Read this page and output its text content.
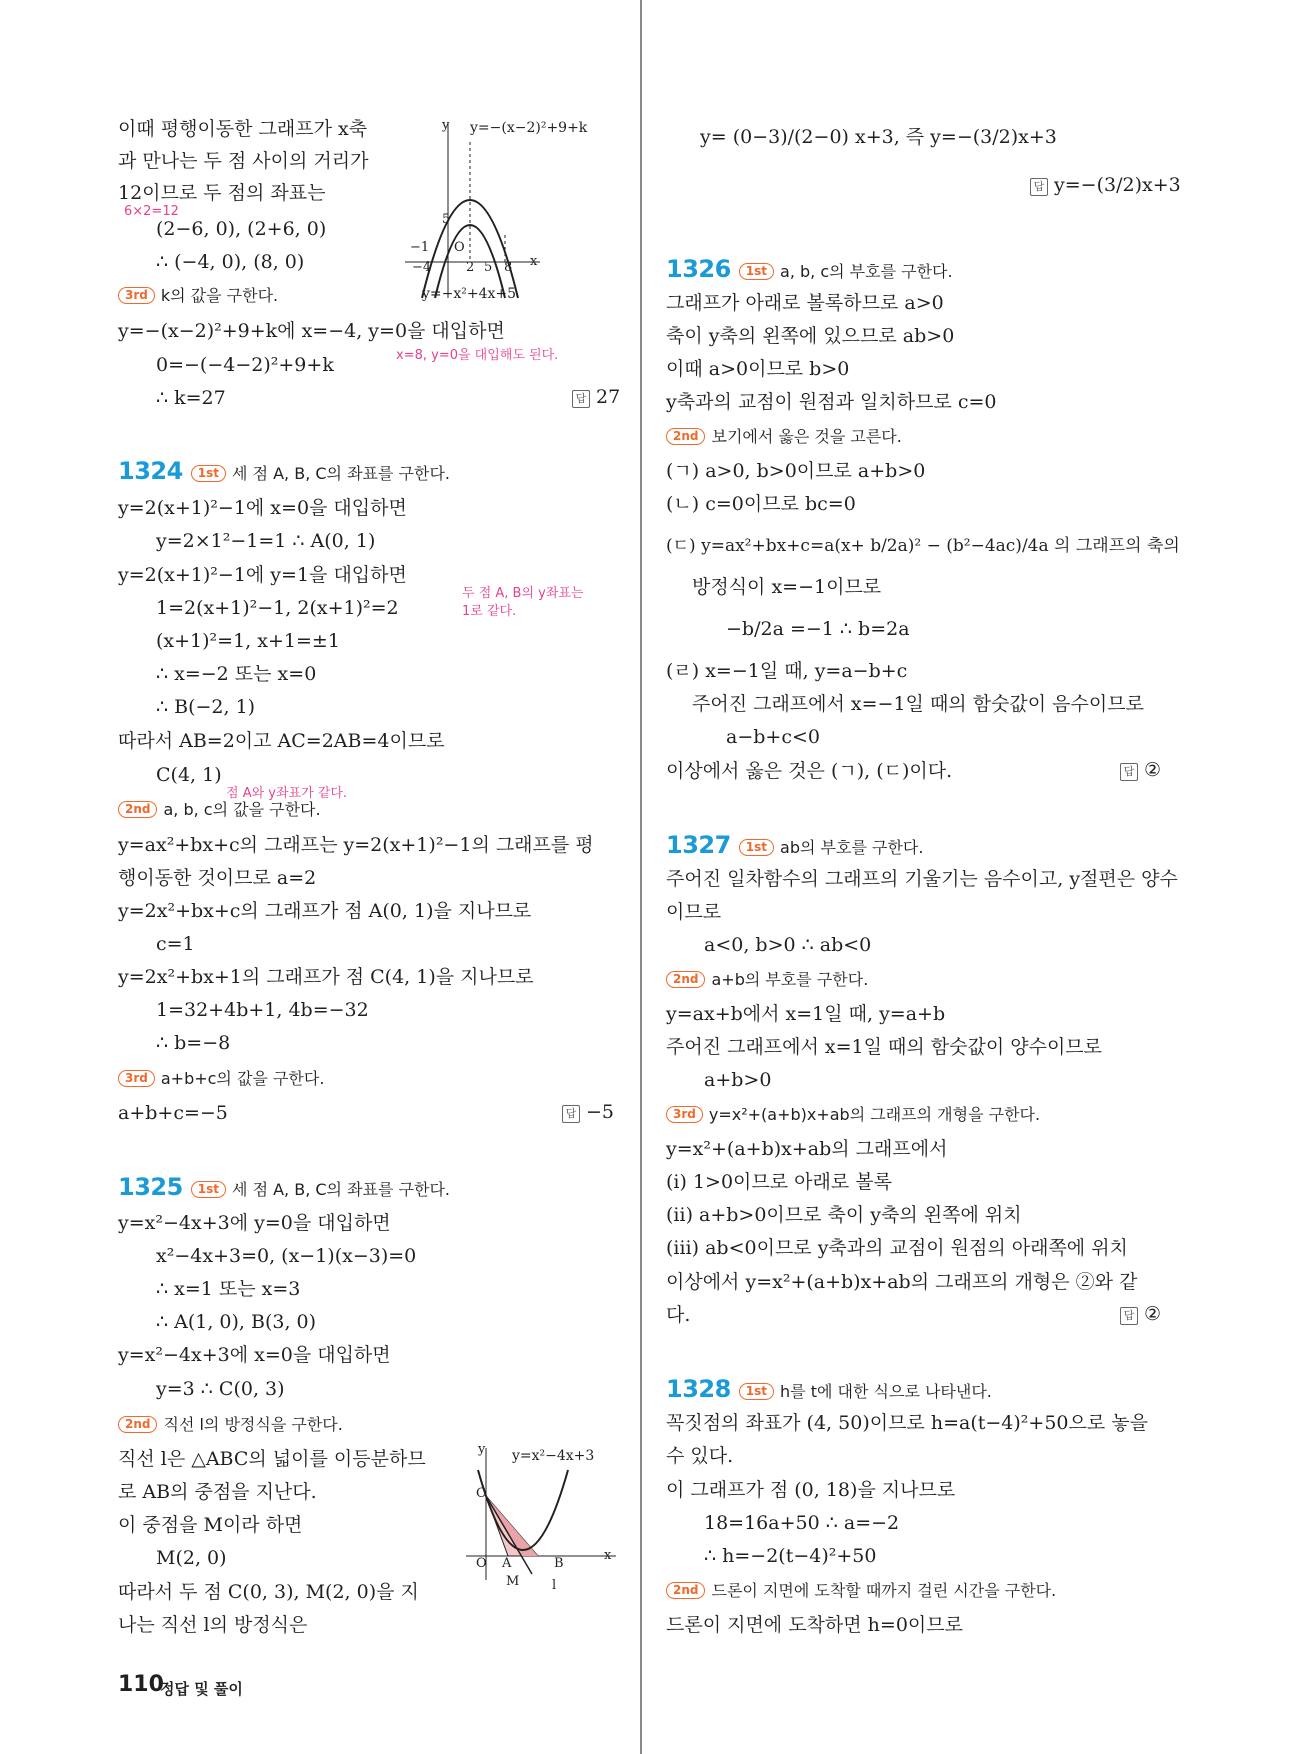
이때 평행이동한 그래프가 x축
과 만나는 두 점 사이의 거리가
12이므로 두 점의 좌표는
6×2=12
(2−6, 0), (2+6, 0)
∴ (−4, 0), (8, 0)
y=−(x−2)²+9+k
y=−x²+4x+5
y
x
O
5
−1
−4	2 5 8
3rd k의 값을 구한다.
y=−(x−2)²+9+k에 x=−4, y=0을 대입하면
x=8, y=0을 대입해도 된다.
0=−(−4−2)²+9+k
∴ k=27	답 27
1324 1st 세 점 A, B, C의 좌표를 구한다.
y=2(x+1)²−1에 x=0을 대입하면
y=2×1²−1=1 ∴ A(0, 1)
y=2(x+1)²−1에 y=1을 대입하면
두 점 A, B의 y좌표는
1로 같다.
1=2(x+1)²−1, 2(x+1)²=2
(x+1)²=1, x+1=±1
∴ x=−2 또는 x=0
∴ B(−2, 1)
따라서 AB=2이고 AC=2AB=4이므로
C(4, 1)
점 A와 y좌표가 같다.
2nd a, b, c의 값을 구한다.
y=ax²+bx+c의 그래프는 y=2(x+1)²−1의 그래프를 평
행이동한 것이므로 a=2
y=2x²+bx+c의 그래프가 점 A(0, 1)을 지나므로
c=1
y=2x²+bx+1의 그래프가 점 C(4, 1)을 지나므로
1=32+4b+1, 4b=−32
∴ b=−8
3rd a+b+c의 값을 구한다.
a+b+c=−5	답 −5
1325 1st 세 점 A, B, C의 좌표를 구한다.
y=x²−4x+3에 y=0을 대입하면
x²−4x+3=0, (x−1)(x−3)=0
∴ x=1 또는 x=3
∴ A(1, 0), B(3, 0)
y=x²−4x+3에 x=0을 대입하면
y=3 ∴ C(0, 3)
2nd 직선 l의 방정식을 구한다.
직선 l은 △ABC의 넓이를 이등분하므
로 AB의 중점을 지난다.
이 중점을 M이라 하면
M(2, 0)
따라서 두 점 C(0, 3), M(2, 0)을 지
나는 직선 l의 방정식은
y=x²−4x+3
y
x
O
C
A	B
M	l
110
정답 및 풀이
y= (0−3)/(2−0) x+3, 즉 y=−(3/2)x+3
답 y=−(3/2)x+3
1326 1st a, b, c의 부호를 구한다.
그래프가 아래로 볼록하므로 a>0
축이 y축의 왼쪽에 있으므로 ab>0
이때 a>0이므로 b>0
y축과의 교점이 원점과 일치하므로 c=0
2nd 보기에서 옳은 것을 고른다.
(ㄱ) a>0, b>0이므로 a+b>0
(ㄴ) c=0이므로 bc=0
(ㄷ) y=ax²+bx+c=a(x+ b/2a)² − (b²−4ac)/4a 의 그래프의 축의
방정식이 x=−1이므로
−b/2a =−1 ∴ b=2a
(ㄹ) x=−1일 때, y=a−b+c
주어진 그래프에서 x=−1일 때의 함숫값이 음수이므로
a−b+c<0
이상에서 옳은 것은 (ㄱ), (ㄷ)이다.	답 ②
1327 1st ab의 부호를 구한다.
주어진 일차함수의 그래프의 기울기는 음수이고, y절편은 양수
이므로
a<0, b>0 ∴ ab<0
2nd a+b의 부호를 구한다.
y=ax+b에서 x=1일 때, y=a+b
주어진 그래프에서 x=1일 때의 함숫값이 양수이므로
a+b>0
3rd y=x²+(a+b)x+ab의 그래프의 개형을 구한다.
y=x²+(a+b)x+ab의 그래프에서
(ⅰ) 1>0이므로 아래로 볼록
(ⅱ) a+b>0이므로 축이 y축의 왼쪽에 위치
(ⅲ) ab<0이므로 y축과의 교점이 원점의 아래쪽에 위치
이상에서 y=x²+(a+b)x+ab의 그래프의 개형은 ②와 같
다.	답 ②
1328 1st h를 t에 대한 식으로 나타낸다.
꼭짓점의 좌표가 (4, 50)이므로 h=a(t−4)²+50으로 놓을
수 있다.
이 그래프가 점 (0, 18)을 지나므로
18=16a+50 ∴ a=−2
∴ h=−2(t−4)²+50
2nd 드론이 지면에 도착할 때까지 걸린 시간을 구한다.
드론이 지면에 도착하면 h=0이므로
